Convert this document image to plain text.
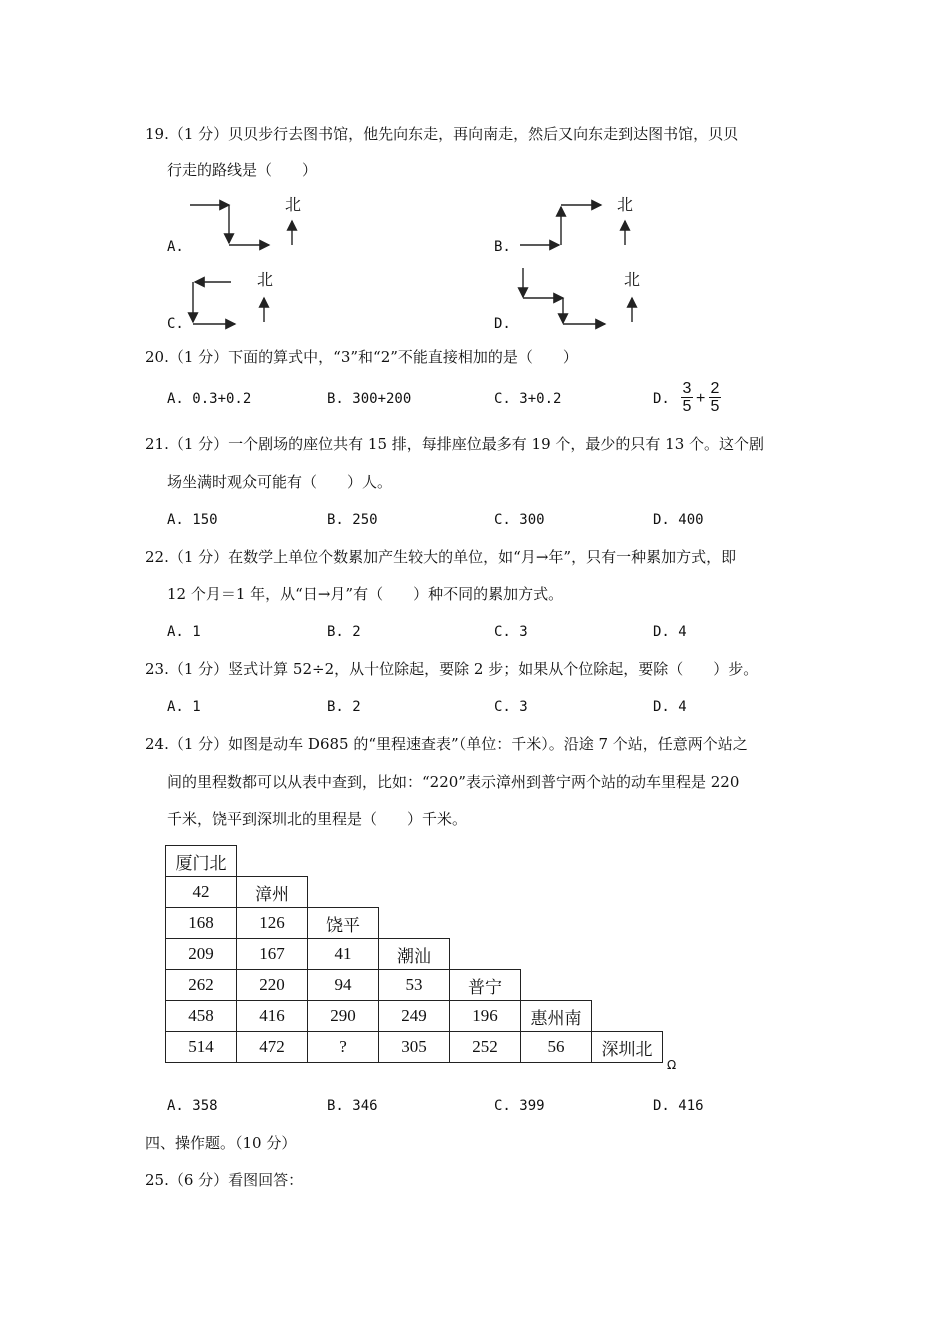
19.（1 分）贝贝步行去图书馆，他先向东走，再向南走，然后又向东走到达图书馆，贝贝
行走的路线是（　　）
A.
北
B.
北
C.
北
D.
北
20.（1 分）下面的算式中，“3”和“2”不能直接相加的是（　　）
A. 0.3+0.2	B. 300+200	C. 3+0.2	D.
3
5 +
2
5
21.（1 分）一个剧场的座位共有 15 排，每排座位最多有 19 个，最少的只有 13 个。这个剧
场坐满时观众可能有（　　）人。
A. 150	B. 250	C. 300	D. 400
22.（1 分）在数学上单位个数累加产生较大的单位，如“月→年”，只有一种累加方式，即
12 个月＝1 年，从“日→月”有（　　）种不同的累加方式。
A. 1	B. 2	C. 3	D. 4
23.（1 分）竖式计算 52÷2，从十位除起，要除 2 步；如果从个位除起，要除（　　）步。
A. 1	B. 2	C. 3	D. 4
24.（1 分）如图是动车 D685 的“里程速查表”（单位：千米）。沿途 7 个站，任意两个站之
间的里程数都可以从表中查到，比如：“220”表示漳州到普宁两个站的动车里程是 220
千米，饶平到深圳北的里程是（　　）千米。
厦门北						
42	漳州					
168	126	饶平				
209	167	41	潮汕			
262	220	94	53	普宁		
458	416	290	249	196	惠州南	
514	472	?	305	252	56	深圳北
Ω
A. 358	B. 346	C. 399	D. 416
四、操作题。（10 分）
25.（6 分）看图回答：
